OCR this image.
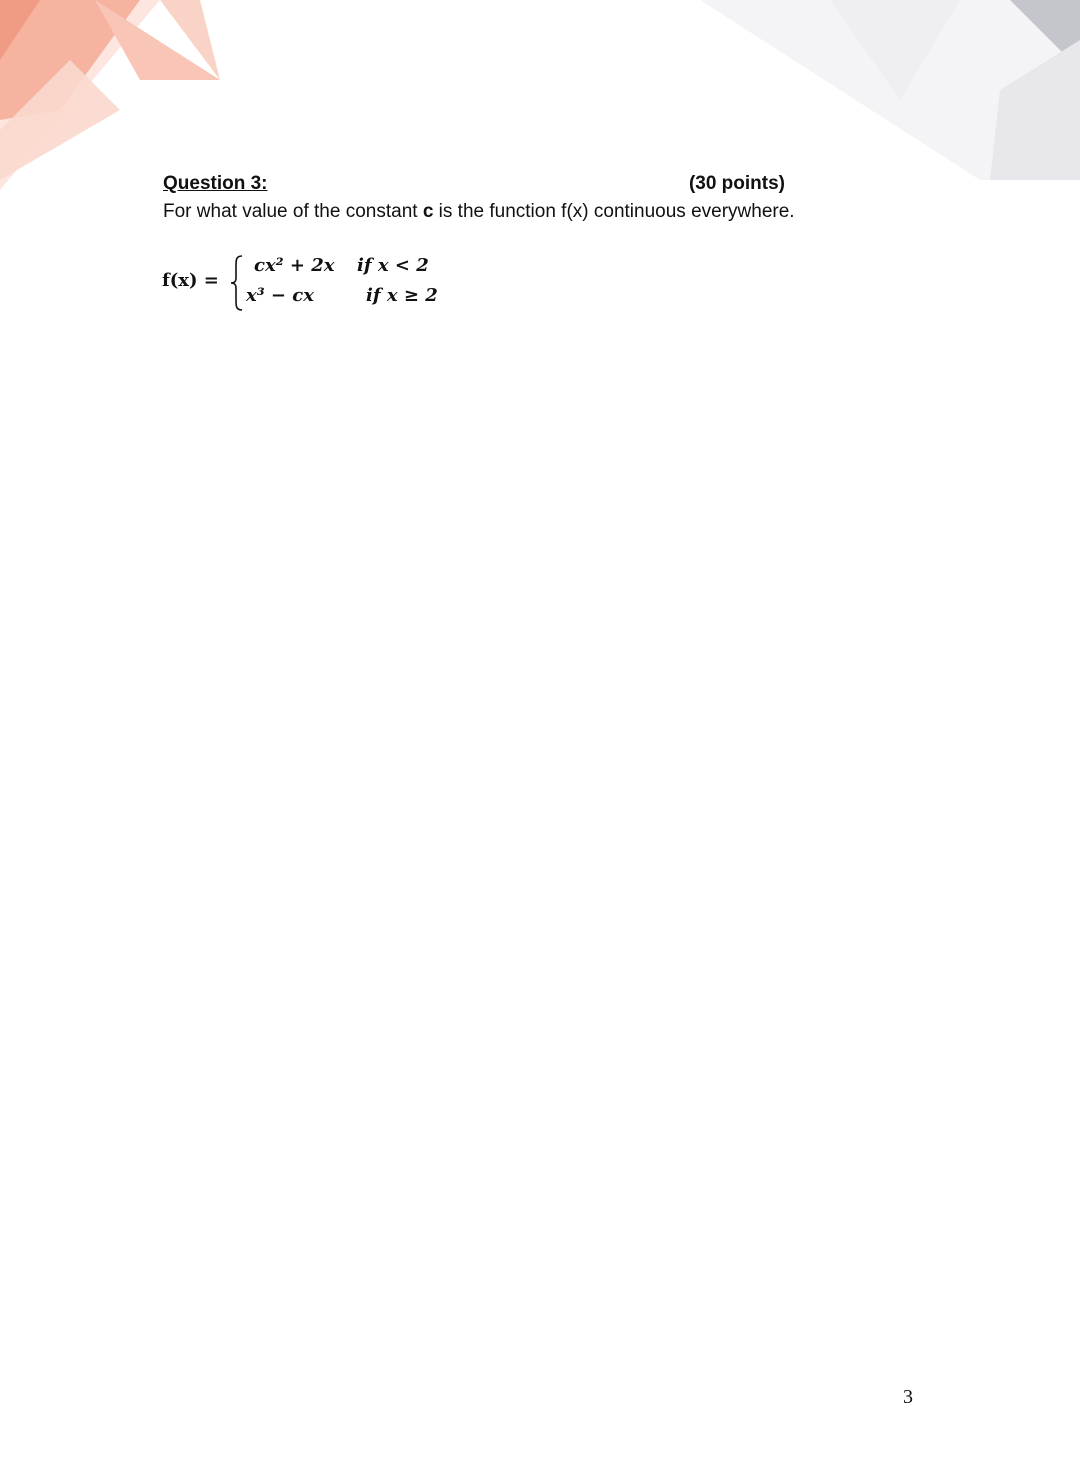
Question 3:	(30 points)
For what value of the constant c is the function f(x) continuous everywhere.
f(x) =
cx² + 2x if x < 2
x³ − cx	if x ≥ 2
3
